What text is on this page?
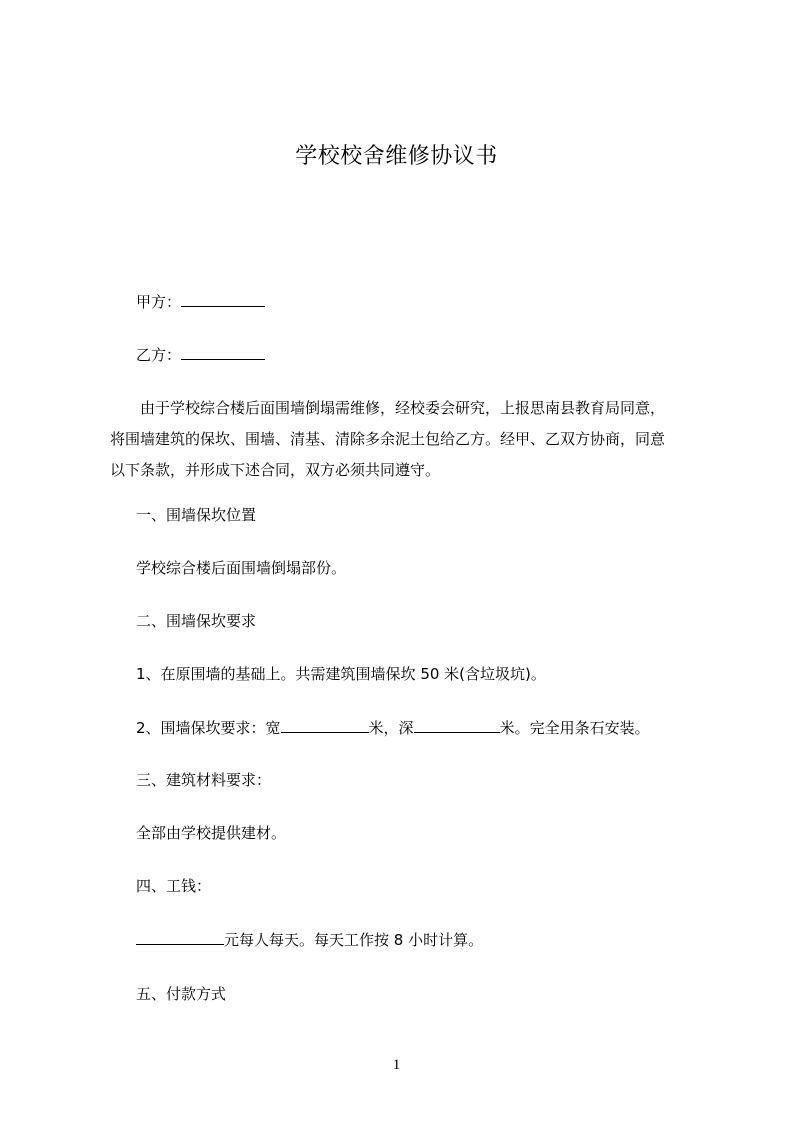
学校校舍维修协议书
甲方：
乙方：

由于学校综合楼后面围墙倒塌需维修，经校委会研究，上报思南县教育局同意，

将围墙建筑的保坎、围墙、清基、清除多余泥土包给乙方。经甲、乙双方协商，同意

以下条款，并形成下述合同，双方必须共同遵守。

一、围墙保坎位置
学校综合楼后面围墙倒塌部份。
二、围墙保坎要求
1、在原围墙的基础上。共需建筑围墙保坎 50 米(含垃圾坑)。
2、围墙保坎要求：宽	米，深	米。完全用条石安装。
三、建筑材料要求：
全部由学校提供建材。
四、工钱：
元每人每天。每天工作按 8 小时计算。
五、付款方式
1
